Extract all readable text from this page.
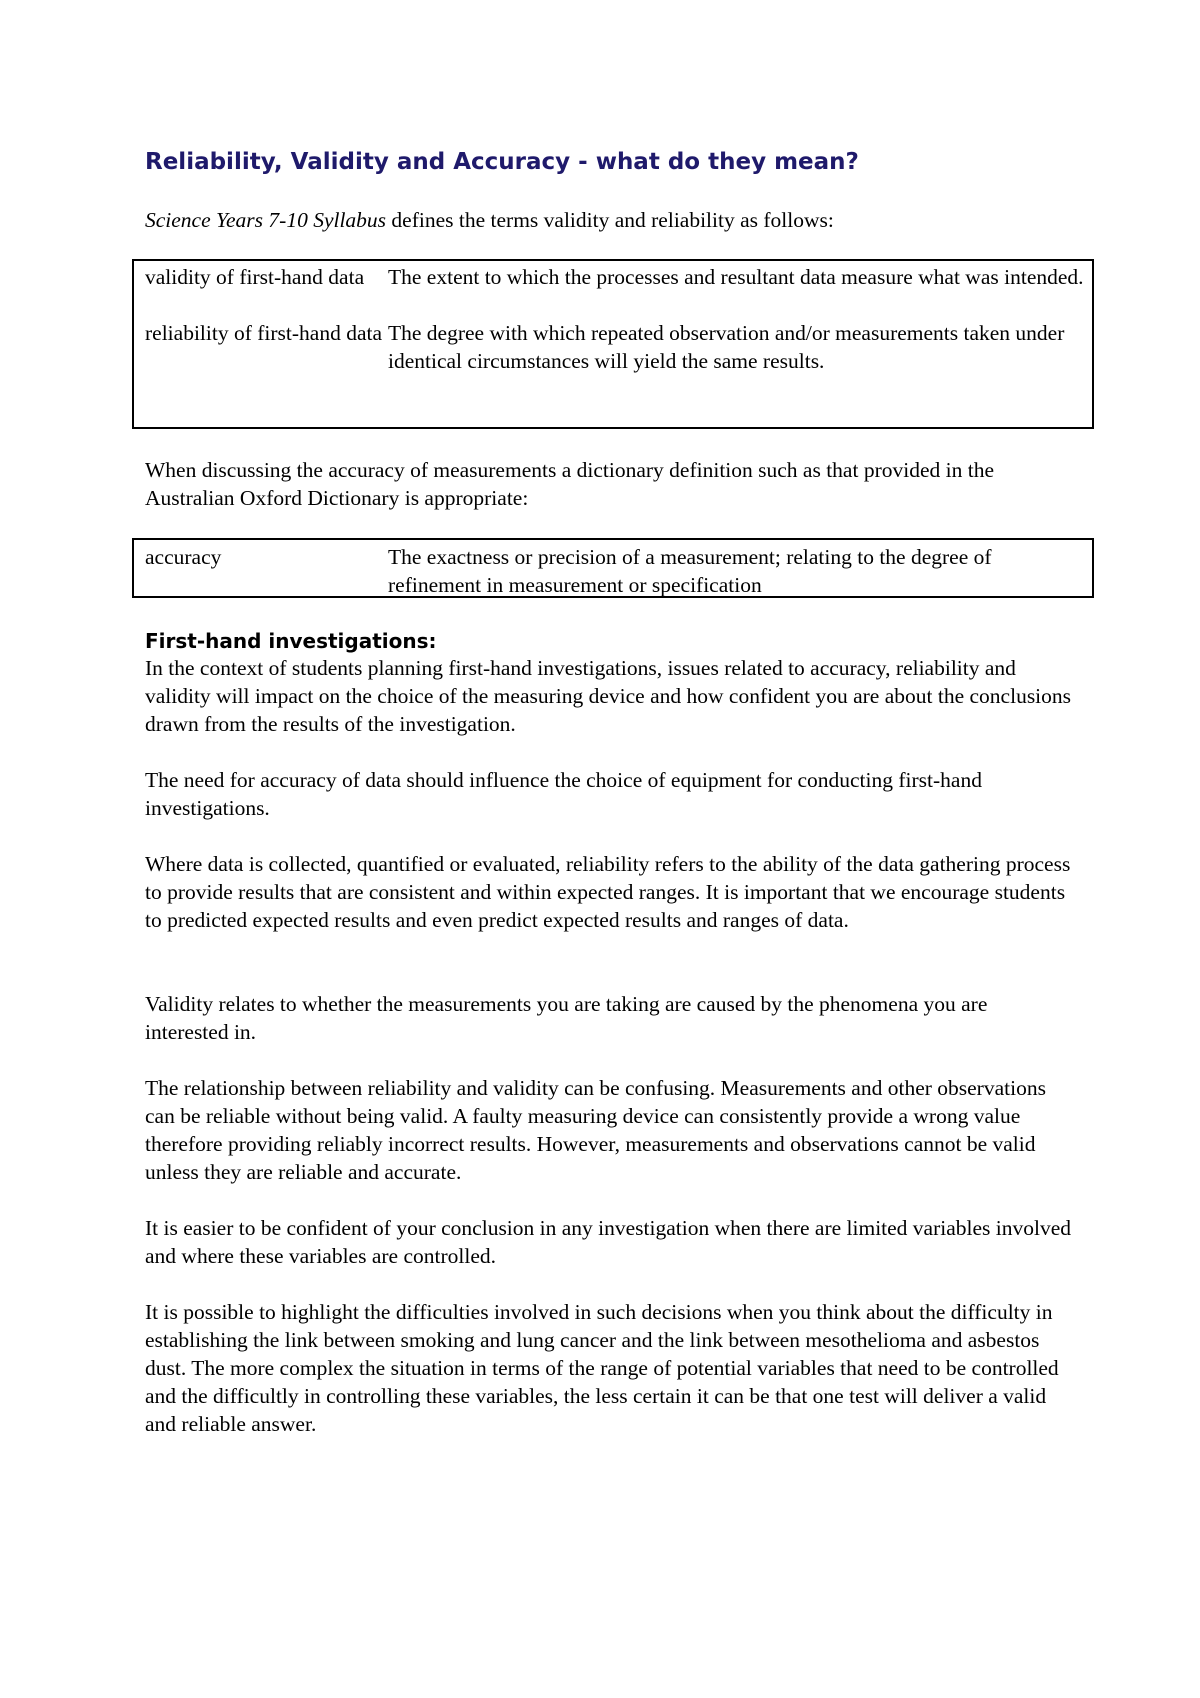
Reliability, Validity and Accuracy - what do they mean?

Science Years 7-10 Syllabus defines the terms validity and reliability as follows:

validity of first-hand data	The extent to which the processes and resultant data measure what was intended.
reliability of first-hand data The degree with which repeated observation and/or measurements taken under identical circumstances will yield the same results.

When discussing the accuracy of measurements a dictionary definition such as that provided in the Australian Oxford Dictionary is appropriate:

accuracy	The exactness or precision of a measurement; relating to the degree of refinement in measurement or specification
First-hand investigations:

In the context of students planning first-hand investigations, issues related to accuracy, reliability and validity will impact on the choice of the measuring device and how confident you are about the conclusions drawn from the results of the investigation.

The need for accuracy of data should influence the choice of equipment for conducting first-hand investigations.

Where data is collected, quantified or evaluated, reliability refers to the ability of the data gathering process to provide results that are consistent and within expected ranges. It is important that we encourage students to predicted expected results and even predict expected results and ranges of data.

Validity relates to whether the measurements you are taking are caused by the phenomena you are interested in.

The relationship between reliability and validity can be confusing. Measurements and other observations can be reliable without being valid. A faulty measuring device can consistently provide a wrong value therefore providing reliably incorrect results. However, measurements and observations cannot be valid unless they are reliable and accurate.

It is easier to be confident of your conclusion in any investigation when there are limited variables involved and where these variables are controlled.

It is possible to highlight the difficulties involved in such decisions when you think about the difficulty in establishing the link between smoking and lung cancer and the link between mesothelioma and asbestos dust. The more complex the situation in terms of the range of potential variables that need to be controlled and the difficultly in controlling these variables, the less certain it can be that one test will deliver a valid and reliable answer.
